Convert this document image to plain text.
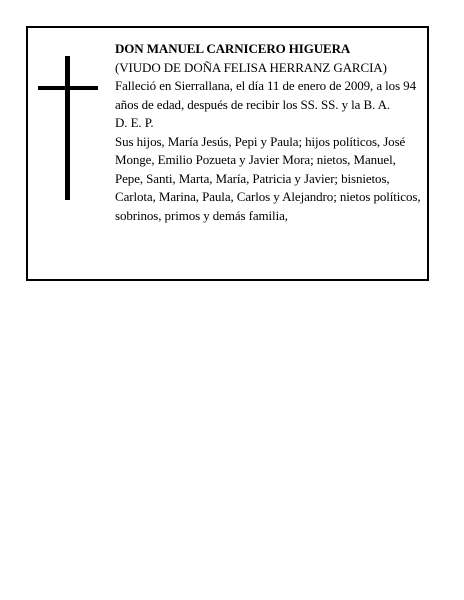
DON MANUEL CARNICERO HIGUERA

(VIUDO DE DOÑA FELISA HERRANZ GARCIA)

Falleció en Sierrallana, el día 11 de enero de 2009, a los 94 años de edad, después de recibir los SS. SS. y la B. A.

D. E. P.

Sus hijos, María Jesús, Pepi y Paula; hijos políticos, José Monge, Emilio Pozueta y Javier Mora; nietos, Manuel, Pepe, Santi, Marta, María, Patricia y Javier; bisnietos, Carlota, Marina, Paula, Carlos y Alejandro; nietos políticos, sobrinos, primos y demás familia,
